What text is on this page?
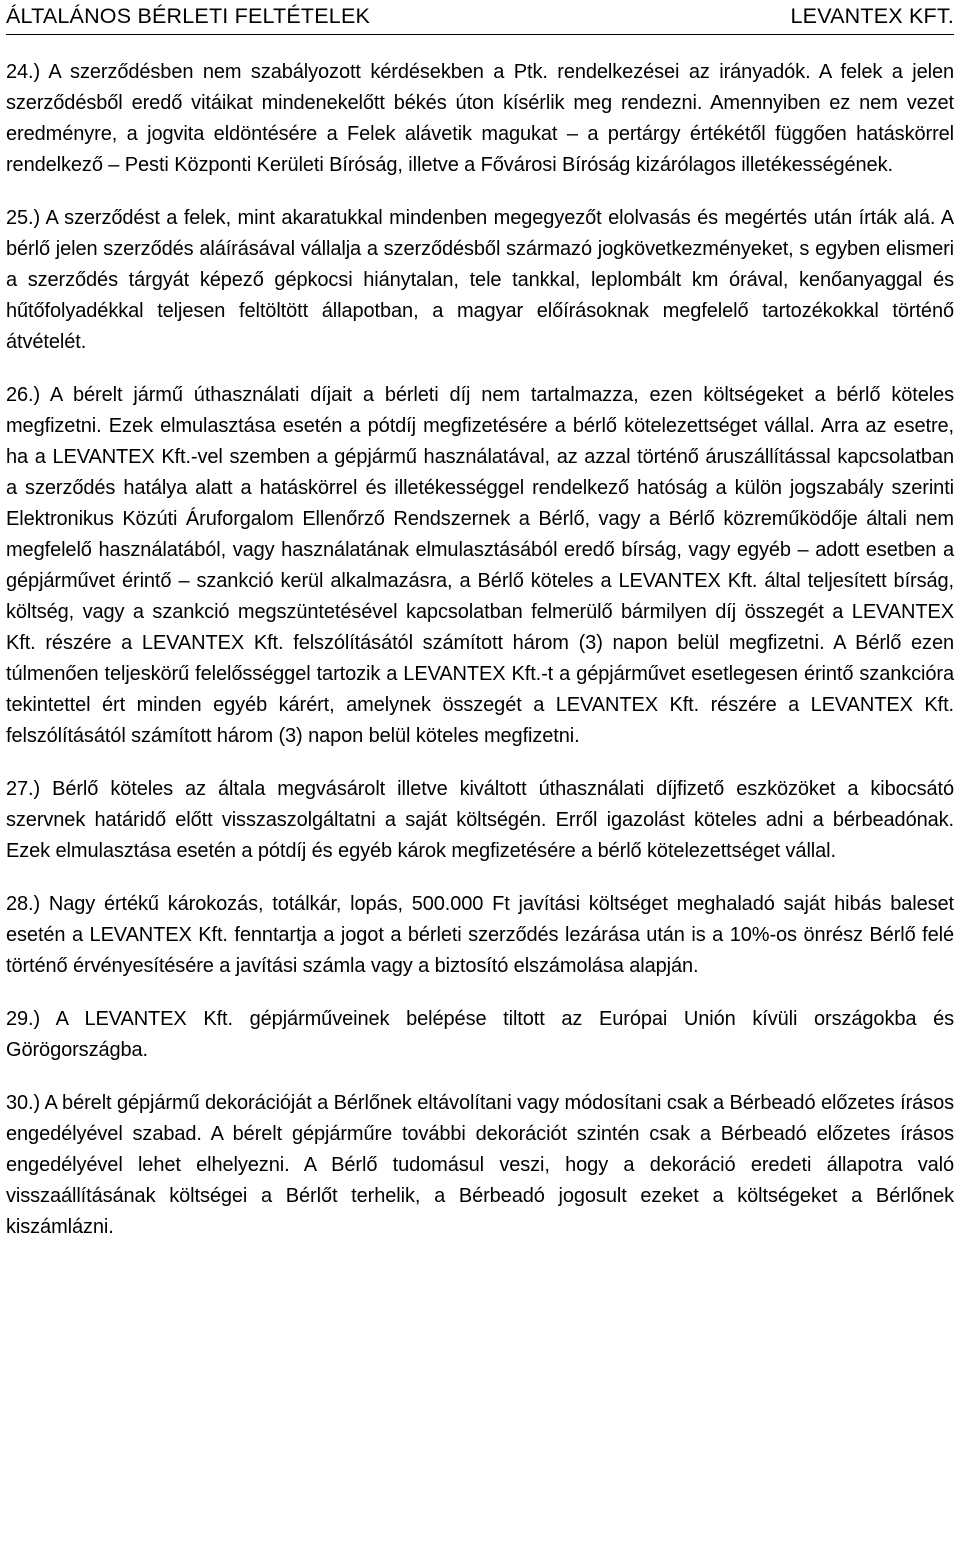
ÁLTALÁNOS BÉRLETI FELTÉTELEK	LEVANTEX KFT.

24.) A szerződésben nem szabályozott kérdésekben a Ptk. rendelkezései az irányadók. A felek a jelen szerződésből eredő vitáikat mindenekelőtt békés úton kísérlik meg rendezni. Amennyiben ez nem vezet eredményre, a jogvita eldöntésére a Felek alávetik magukat – a pertárgy értékétől függően hatáskörrel rendelkező – Pesti Központi Kerületi Bíróság, illetve a Fővárosi Bíróság kizárólagos illetékességének.

25.) A szerződést a felek, mint akaratukkal mindenben megegyezőt elolvasás és megértés után írták alá. A bérlő jelen szerződés aláírásával vállalja a szerződésből származó jogkövetkezményeket, s egyben elismeri a szerződés tárgyát képező gépkocsi hiánytalan, tele tankkal, leplombált km órával, kenőanyaggal és hűtőfolyadékkal teljesen feltöltött állapotban, a magyar előírásoknak megfelelő tartozékokkal történő átvételét.

26.) A bérelt jármű úthasználati díjait a bérleti díj nem tartalmazza, ezen költségeket a bérlő köteles megfizetni. Ezek elmulasztása esetén a pótdíj megfizetésére a bérlő kötelezettséget vállal. Arra az esetre, ha a LEVANTEX Kft.-vel szemben a gépjármű használatával, az azzal történő áruszállítással kapcsolatban a szerződés hatálya alatt a hatáskörrel és illetékességgel rendelkező hatóság a külön jogszabály szerinti Elektronikus Közúti Áruforgalom Ellenőrző Rendszernek a Bérlő, vagy a Bérlő közreműködője általi nem megfelelő használatából, vagy használatának elmulasztásából eredő bírság, vagy egyéb – adott esetben a gépjárművet érintő – szankció kerül alkalmazásra, a Bérlő köteles a LEVANTEX Kft. által teljesített bírság, költség, vagy a szankció megszüntetésével kapcsolatban felmerülő bármilyen díj összegét a LEVANTEX Kft. részére a LEVANTEX Kft. felszólításától számított három (3) napon belül megfizetni. A Bérlő ezen túlmenően teljeskörű felelősséggel tartozik a LEVANTEX Kft.-t a gépjárművet esetlegesen érintő szankcióra tekintettel ért minden egyéb kárért, amelynek összegét a LEVANTEX Kft. részére a LEVANTEX Kft. felszólításától számított három (3) napon belül köteles megfizetni.

27.) Bérlő köteles az általa megvásárolt illetve kiváltott úthasználati díjfizető eszközöket a kibocsátó szervnek határidő előtt visszaszolgáltatni a saját költségén. Erről igazolást köteles adni a bérbeadónak. Ezek elmulasztása esetén a pótdíj és egyéb károk megfizetésére a bérlő kötelezettséget vállal.

28.) Nagy értékű károkozás, totálkár, lopás, 500.000 Ft javítási költséget meghaladó saját hibás baleset esetén a LEVANTEX Kft. fenntartja a jogot a bérleti szerződés lezárása után is a 10%-os önrész Bérlő felé történő érvényesítésére a javítási számla vagy a biztosító elszámolása alapján.

29.) A LEVANTEX Kft. gépjárműveinek belépése tiltott az Európai Unión kívüli országokba és Görögországba.

30.) A bérelt gépjármű dekorációját a Bérlőnek eltávolítani vagy módosítani csak a Bérbeadó előzetes írásos engedélyével szabad. A bérelt gépjárműre további dekorációt szintén csak a Bérbeadó előzetes írásos engedélyével lehet elhelyezni. A Bérlő tudomásul veszi, hogy a dekoráció eredeti állapotra való visszaállításának költségei a Bérlőt terhelik, a Bérbeadó jogosult ezeket a költségeket a Bérlőnek kiszámlázni.
